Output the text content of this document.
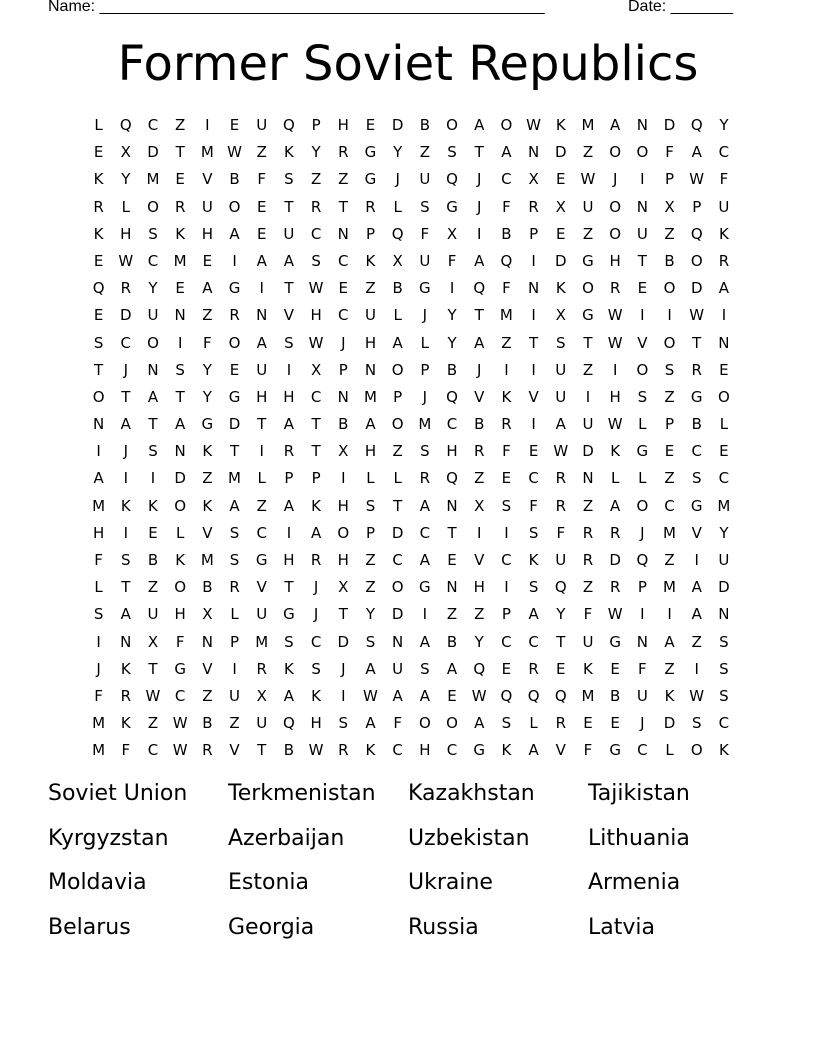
Name: __________________________________________________	Date: _______
Former Soviet Republics
L	Q	C	Z	I	E	U	Q	P	H	E	D	B	O	A	O W K	M	A	N	D	Q	Y
E	X	D	T	M W Z	K	Y	R	G	Y	Z	S	T	A	N	D	Z	O	O	F	A	C
K	Y	M	E	V	B	F	S	Z	Z	G	J	U	Q	J	C	X	E	W	J	I	P	W	F
R	L	O	R	U	O	E	T	R	T	R	L	S	G	J	F	R	X	U	O	N	X	P	U
K	H	S	K	H	A	E	U	C	N	P	Q	F	X	I	B	P	E	Z	O	U	Z	Q	K
E	W C	M	E	I	A	A	S	C	K	X	U	F	A	Q	I	D	G	H	T	B	O	R
Q	R	Y	E	A	G	I	T	W	E	Z	B	G	I	Q	F	N	K	O	R	E	O	D	A
E	D	U	N	Z	R	N	V	H	C	U	L	J	Y	T	M	I	X	G W	I	I	W	I
S	C	O	I	F	O	A	S	W	J	H	A	L	Y	A	Z	T	S	T	W V	O	T	N
T	J	N	S	Y	E	U	I	X	P	N	O	P	B	J	I	I	U	Z	I	O	S	R	E
O	T	A	T	Y	G	H	H	C	N	M	P	J	Q	V	K	V	U	I	H	S	Z	G	O
N	A	T	A	G	D	T	A	T	B	A	O M	C	B	R	I	A	U W	L	P	B	L
I	J	S	N	K	T	I	R	T	X	H	Z	S	H	R	F	E	W D	K	G	E	C	E
A	I	I	D	Z	M	L	P	P	I	L	L	R	Q	Z	E	C	R	N	L	L	Z	S	C
M	K	K	O	K	A	Z	A	K	H	S	T	A	N	X	S	F	R	Z	A	O	C	G M
H	I	E	L	V	S	C	I	A	O	P	D	C	T	I	I	S	F	R	R	J	M	V	Y
F	S	B	K	M	S	G	H	R	H	Z	C	A	E	V	C	K	U	R	D	Q	Z	I	U
L	T	Z	O	B	R	V	T	J	X	Z	O	G	N	H	I	S	Q	Z	R	P	M	A	D
S	A	U	H	X	L	U	G	J	T	Y	D	I	Z	Z	P	A	Y	F	W	I	I	A	N
I	N	X	F	N	P	M	S	C	D	S	N	A	B	Y	C	C	T	U	G	N	A	Z	S
J	K	T	G	V	I	R	K	S	J	A	U	S	A	Q	E	R	E	K	E	F	Z	I	S
F	R W C	Z	U	X	A	K	I	W A	A	E	W Q	Q	Q M	B	U	K W	S
M	K	Z W B	Z	U	Q	H	S	A	F	O	O	A	S	L	R	E	E	J	D	S	C
M	F	C W R	V	T	B W R	K	C	H	C	G	K	A	V	F	G	C	L	O	K
Soviet Union	Terkmenistan	Kazakhstan	Tajikistan
Kyrgyzstan	Azerbaijan	Uzbekistan	Lithuania
Moldavia	Estonia	Ukraine	Armenia
Belarus	Georgia	Russia	Latvia
